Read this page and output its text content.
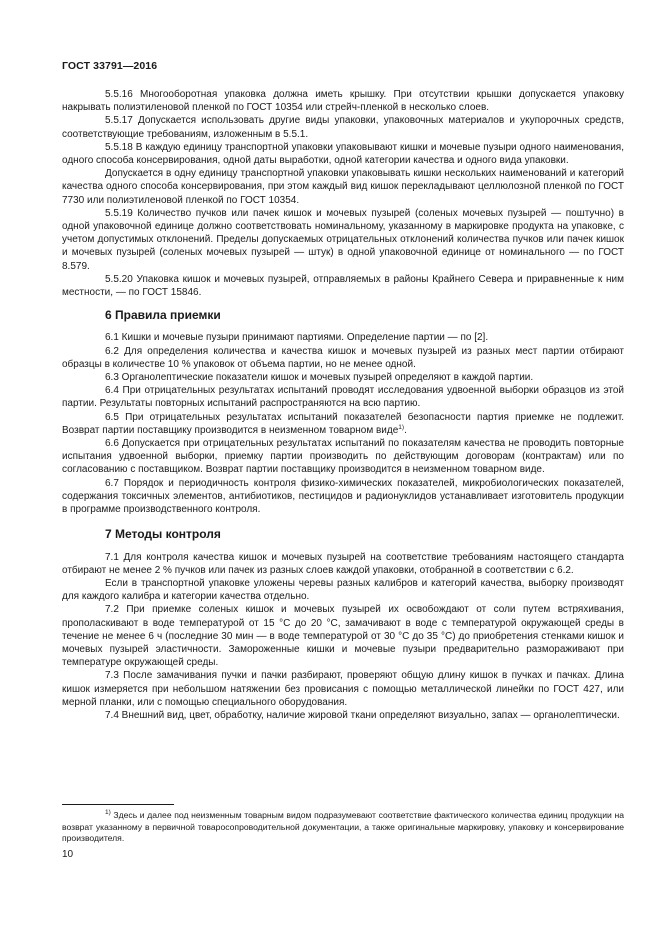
ГОСТ 33791—2016

5.5.16 Многооборотная упаковка должна иметь крышку. При отсутствии крышки допускается упаковку накрывать полиэтиленовой пленкой по ГОСТ 10354 или стрейч-пленкой в несколько слоев.

5.5.17 Допускается использовать другие виды упаковки, упаковочных материалов и укупорочных средств, соответствующие требованиям, изложенным в 5.5.1.

5.5.18 В каждую единицу транспортной упаковки упаковывают кишки и мочевые пузыри одного наименования, одного способа консервирования, одной даты выработки, одной категории качества и одного вида упаковки.

Допускается в одну единицу транспортной упаковки упаковывать кишки нескольких наименований и категорий качества одного способа консервирования, при этом каждый вид кишок перекладывают целлюлозной пленкой по ГОСТ 7730 или полиэтиленовой пленкой по ГОСТ 10354.

5.5.19 Количество пучков или пачек кишок и мочевых пузырей (соленых мочевых пузырей — поштучно) в одной упаковочной единице должно соответствовать номинальному, указанному в маркировке продукта на упаковке, с учетом допустимых отклонений. Пределы допускаемых отрицательных отклонений количества пучков или пачек кишок и мочевых пузырей (соленых мочевых пузырей — штук) в одной упаковочной единице от номинального — по ГОСТ 8.579.

5.5.20 Упаковка кишок и мочевых пузырей, отправляемых в районы Крайнего Севера и приравненные к ним местности, — по ГОСТ 15846.

6 Правила приемки

6.1 Кишки и мочевые пузыри принимают партиями. Определение партии — по [2].

6.2 Для определения количества и качества кишок и мочевых пузырей из разных мест партии отбирают образцы в количестве 10 % упаковок от объема партии, но не менее одной.

6.3 Органолептические показатели кишок и мочевых пузырей определяют в каждой партии.

6.4 При отрицательных результатах испытаний проводят исследования удвоенной выборки образцов из этой партии. Результаты повторных испытаний распространяются на всю партию.

6.5 При отрицательных результатах испытаний показателей безопасности партия приемке не подлежит. Возврат партии поставщику производится в неизменном товарном виде$^{1)}$.

6.6 Допускается при отрицательных результатах испытаний по показателям качества не проводить повторные испытания удвоенной выборки, приемку партии производить по действующим договорам (контрактам) или по согласованию с поставщиком. Возврат партии поставщику производится в неизменном товарном виде.

6.7 Порядок и периодичность контроля физико-химических показателей, микробиологических показателей, содержания токсичных элементов, антибиотиков, пестицидов и радионуклидов устанавливает изготовитель продукции в программе производственного контроля.

7 Методы контроля

7.1 Для контроля качества кишок и мочевых пузырей на соответствие требованиям настоящего стандарта отбирают не менее 2 % пучков или пачек из разных слоев каждой упаковки, отобранной в соответствии с 6.2.

Если в транспортной упаковке уложены черевы разных калибров и категорий качества, выборку производят для каждого калибра и категории качества отдельно.

7.2 При приемке соленых кишок и мочевых пузырей их освобождают от соли путем встряхивания, прополаскивают в воде температурой от 15 °С до 20 °С, замачивают в воде с температурой окружающей среды в течение не менее 6 ч (последние 30 мин — в воде температурой от 30 °С до 35 °С) до приобретения стенками кишок и мочевых пузырей эластичности. Замороженные кишки и мочевые пузыри предварительно размораживают при температуре окружающей среды.

7.3 После замачивания пучки и пачки разбирают, проверяют общую длину кишок в пучках и пачках. Длина кишок измеряется при небольшом натяжении без провисания с помощью металлической линейки по ГОСТ 427, или мерной планки, или с помощью специального оборудования.

7.4 Внешний вид, цвет, обработку, наличие жировой ткани определяют визуально, запах — органолептически.

$^{1)}$ Здесь и далее под неизменным товарным видом подразумевают соответствие фактического количества единиц продукции на возврат указанному в первичной товаросопроводительной документации, а также оригинальные маркировку, упаковку и консервирование производителя.

10
